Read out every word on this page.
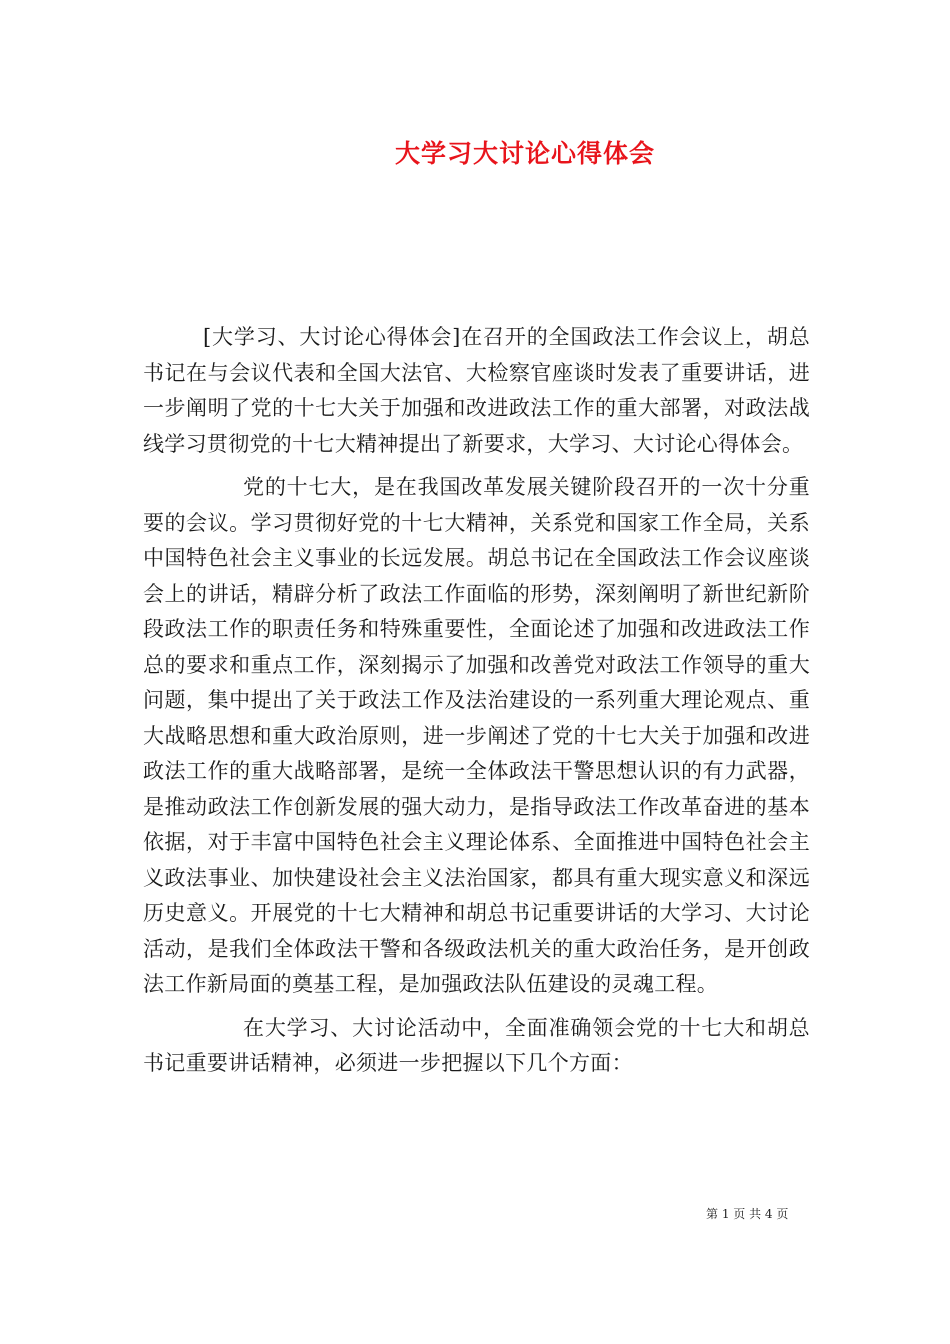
大学习大讨论心得体会

[大学习、大讨论心得体会]在召开的全国政法工作会议上，胡总书记在与会议代表和全国大法官、大检察官座谈时发表了重要讲话，进一步阐明了党的十七大关于加强和改进政法工作的重大部署，对政法战线学习贯彻党的十七大精神提出了新要求，大学习、大讨论心得体会。

党的十七大，是在我国改革发展关键阶段召开的一次十分重要的会议。学习贯彻好党的十七大精神，关系党和国家工作全局，关系中国特色社会主义事业的长远发展。胡总书记在全国政法工作会议座谈会上的讲话，精辟分析了政法工作面临的形势，深刻阐明了新世纪新阶段政法工作的职责任务和特殊重要性，全面论述了加强和改进政法工作总的要求和重点工作，深刻揭示了加强和改善党对政法工作领导的重大问题，集中提出了关于政法工作及法治建设的一系列重大理论观点、重大战略思想和重大政治原则，进一步阐述了党的十七大关于加强和改进政法工作的重大战略部署，是统一全体政法干警思想认识的有力武器，是推动政法工作创新发展的强大动力，是指导政法工作改革奋进的基本依据，对于丰富中国特色社会主义理论体系、全面推进中国特色社会主义政法事业、加快建设社会主义法治国家，都具有重大现实意义和深远历史意义。开展党的十七大精神和胡总书记重要讲话的大学习、大讨论活动，是我们全体政法干警和各级政法机关的重大政治任务，是开创政法工作新局面的奠基工程，是加强政法队伍建设的灵魂工程。

在大学习、大讨论活动中，全面准确领会党的十七大和胡总书记重要讲话精神，必须进一步把握以下几个方面：

第 1 页 共 4 页
